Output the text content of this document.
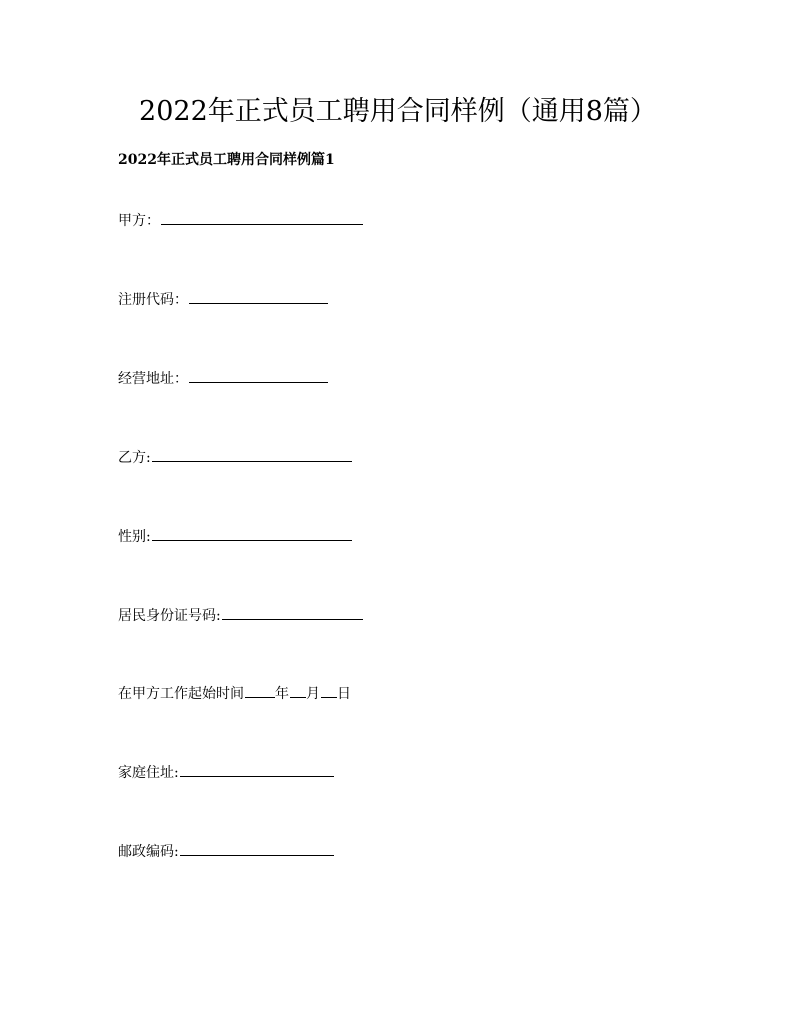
2022年正式员工聘用合同样例（通用8篇）
2022年正式员工聘用合同样例篇1
甲方：
注册代码：
经营地址：
乙方:
性别:
居民身份证号码:
在甲方工作起始时间 年 月 日
家庭住址:
邮政编码:
